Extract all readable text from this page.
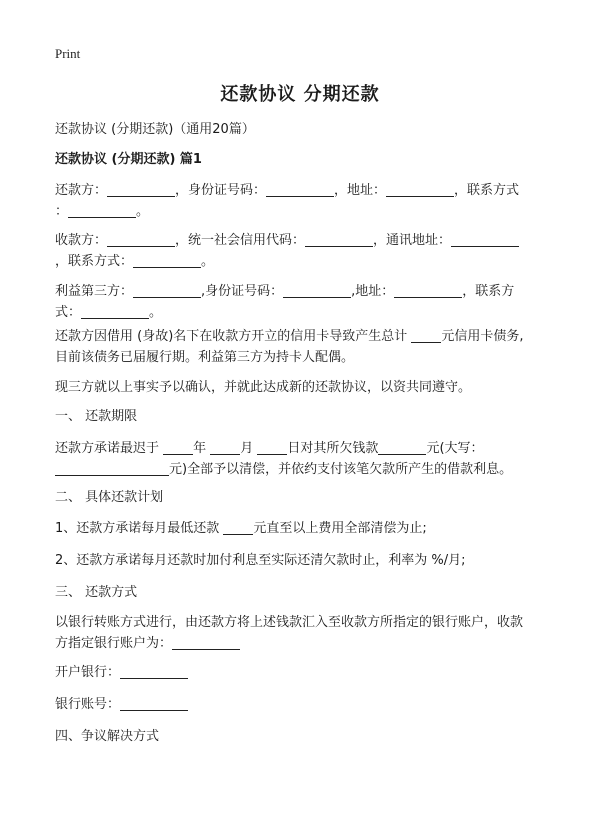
Print
还款协议 分期还款

还款协议 (分期还款)（通用20篇）

还款协议 (分期还款) 篇1

还款方：	，身份证号码：	，地址：	，联系方式
：	。

收款方：	，统一社会信用代码：	，通讯地址：
，联系方式：	。

利益第三方：	,身份证号码：	,地址：	，联系方
式：	。

还款方因借用 (身故)名下在收款方开立的信用卡导致产生总计 元信用卡债务,
目前该债务已届履行期。利益第三方为持卡人配偶。

现三方就以上事实予以确认，并就此达成新的还款协议，以资共同遵守。

一、 还款期限

还款方承诺最迟于 年 月 日对其所欠钱款	元(大写：
元)全部予以清偿，并依约支付该笔欠款所产生的借款利息。

二、 具体还款计划

1、还款方承诺每月最低还款 元直至以上费用全部清偿为止;

2、还款方承诺每月还款时加付利息至实际还清欠款时止，利率为 %/月;

三、 还款方式

以银行转账方式进行，由还款方将上述钱款汇入至收款方所指定的银行账户，收款
方指定银行账户为：

开户银行：

银行账号：

四、争议解决方式
